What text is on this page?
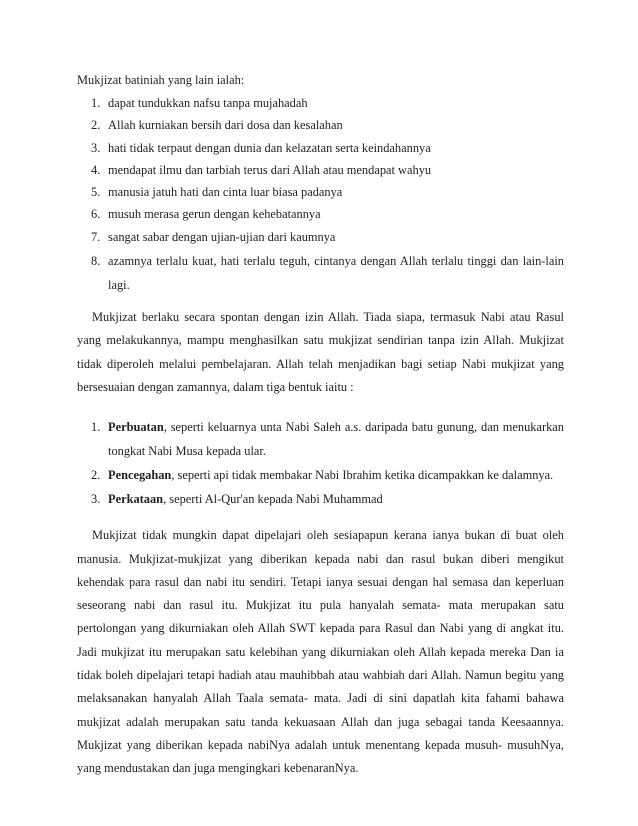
Mukjizat batiniah yang lain ialah:

1. dapat tundukkan nafsu tanpa mujahadah
2. Allah kurniakan bersih dari dosa dan kesalahan
3. hati tidak terpaut dengan dunia dan kelazatan serta keindahannya
4. mendapat ilmu dan tarbiah terus dari Allah atau mendapat wahyu
5. manusia jatuh hati dan cinta luar biasa padanya
6. musuh merasa gerun dengan kehebatannya
7. sangat sabar dengan ujian-ujian dari kaumnya
8. azamnya terlalu kuat, hati terlalu teguh, cintanya dengan Allah terlalu tinggi dan lain-lain lagi.

Mukjizat berlaku secara spontan dengan izin Allah. Tiada siapa, termasuk Nabi atau Rasul yang melakukannya, mampu menghasilkan satu mukjizat sendirian tanpa izin Allah. Mukjizat tidak diperoleh melalui pembelajaran. Allah telah menjadikan bagi setiap Nabi mukjizat yang bersesuaian dengan zamannya, dalam tiga bentuk iaitu :

1. Perbuatan, seperti keluarnya unta Nabi Saleh a.s. daripada batu gunung, dan menukarkan tongkat Nabi Musa kepada ular.
2. Pencegahan, seperti api tidak membakar Nabi Ibrahim ketika dicampakkan ke dalamnya.
3. Perkataan, seperti Al-Qur'an kepada Nabi Muhammad

Mukjizat tidak mungkin dapat dipelajari oleh sesiapapun kerana ianya bukan di buat oleh manusia. Mukjizat-mukjizat yang diberikan kepada nabi dan rasul bukan diberi mengikut kehendak para rasul dan nabi itu sendiri. Tetapi ianya sesuai dengan hal semasa dan keperluan seseorang nabi dan rasul itu. Mukjizat itu pula hanyalah semata- mata merupakan satu pertolongan yang dikurniakan oleh Allah SWT kepada para Rasul dan Nabi yang di angkat itu. Jadi mukjizat itu merupakan satu kelebihan yang dikurniakan oleh Allah kepada mereka Dan ia tidak boleh dipelajari tetapi hadiah atau mauhibbah atau wahbiah dari Allah. Namun begitu yang melaksanakan hanyalah Allah Taala semata- mata. Jadi di sini dapatlah kita fahami bahawa mukjizat adalah merupakan satu tanda kekuasaan Allah dan juga sebagai tanda Keesaannya. Mukjizat yang diberikan kepada nabiNya adalah untuk menentang kepada musuh- musuhNya, yang mendustakan dan juga mengingkari kebenaranNya.
